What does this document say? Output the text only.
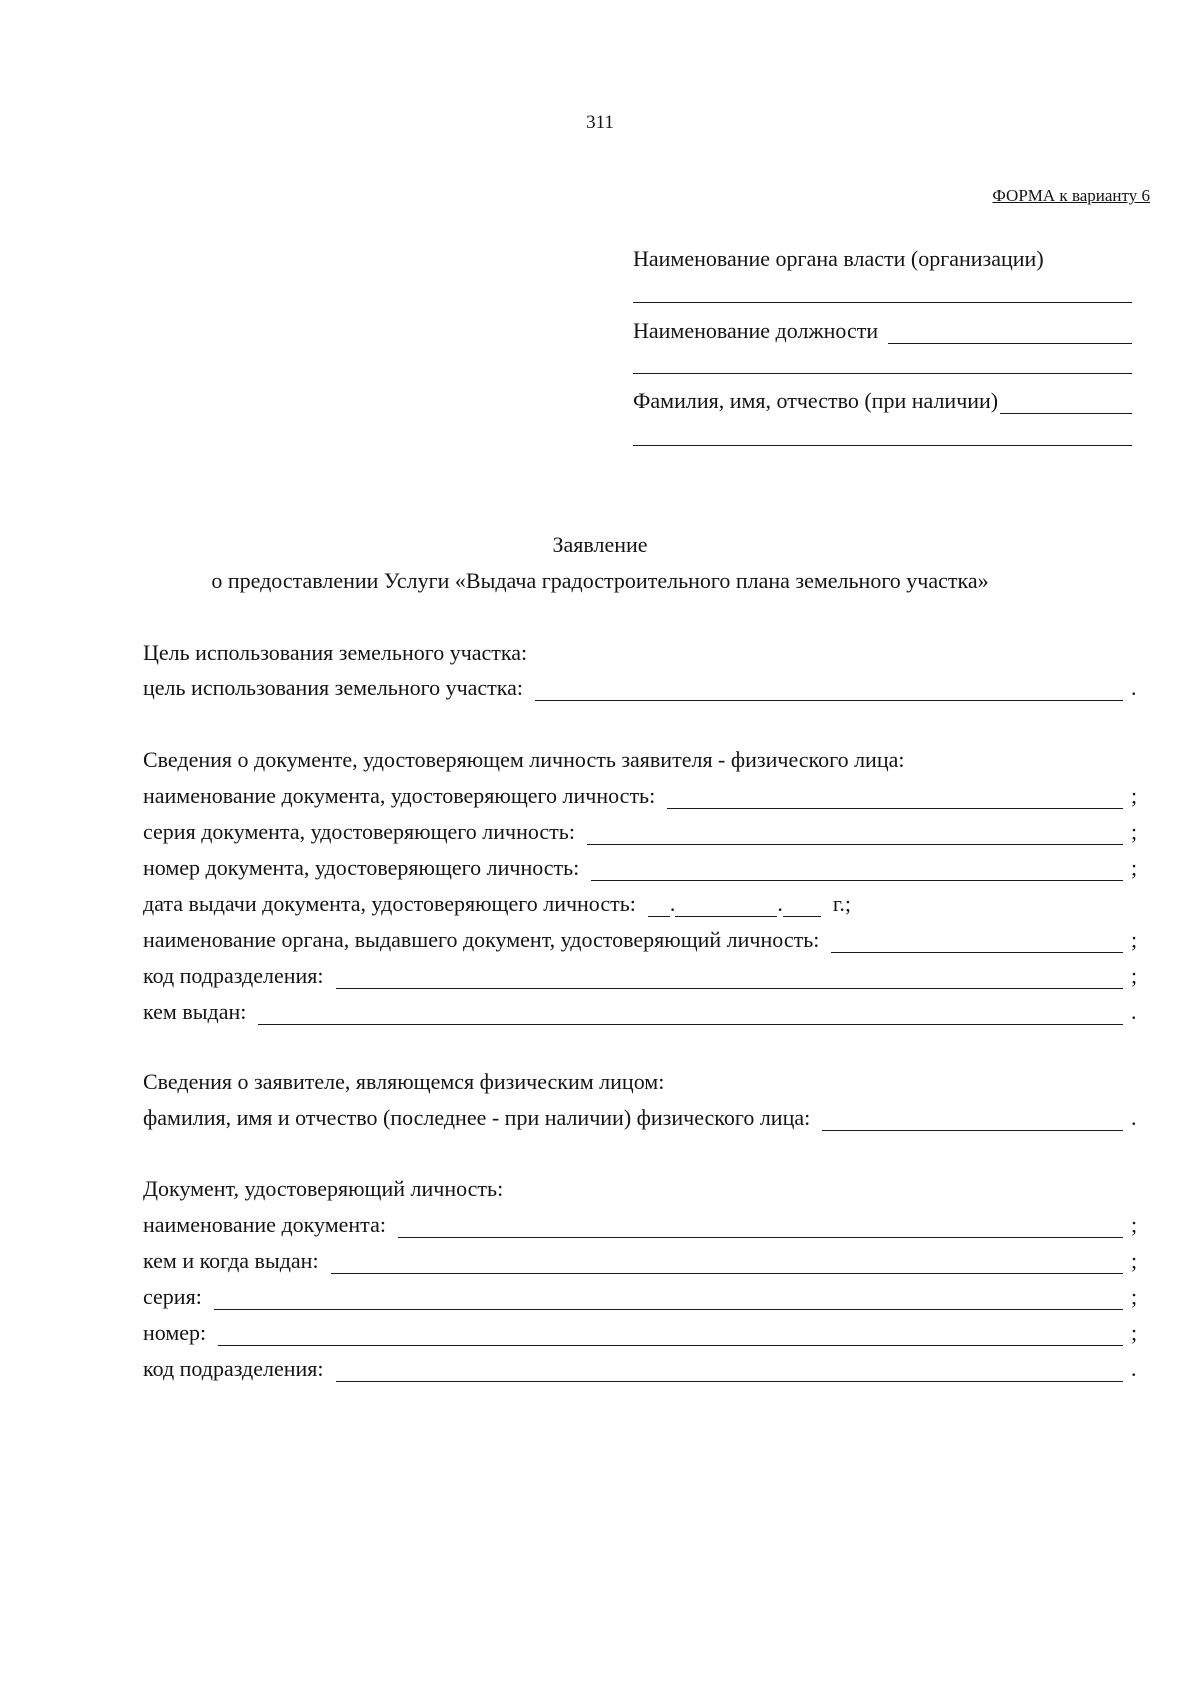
311
ФОРМА к варианту 6
Наименование органа власти (организации)
Наименование должности
Фамилия, имя, отчество (при наличии)
Заявление
о предоставлении Услуги «Выдача градостроительного плана земельного участка»
Цель использования земельного участка:
цель использования земельного участка:	.
Сведения о документе, удостоверяющем личность заявителя - физического лица:
наименование документа, удостоверяющего личность:	;
серия документа, удостоверяющего личность:	;
номер документа, удостоверяющего личность:	;
дата выдачи документа, удостоверяющего личность: .	. г.;
наименование органа, выдавшего документ, удостоверяющий личность:	;
код подразделения:	;
кем выдан:	.
Сведения о заявителе, являющемся физическим лицом:
фамилия, имя и отчество (последнее - при наличии) физического лица:	.
Документ, удостоверяющий личность:
наименование документа:	;
кем и когда выдан:	;
серия:	;
номер:	;
код подразделения:	.
